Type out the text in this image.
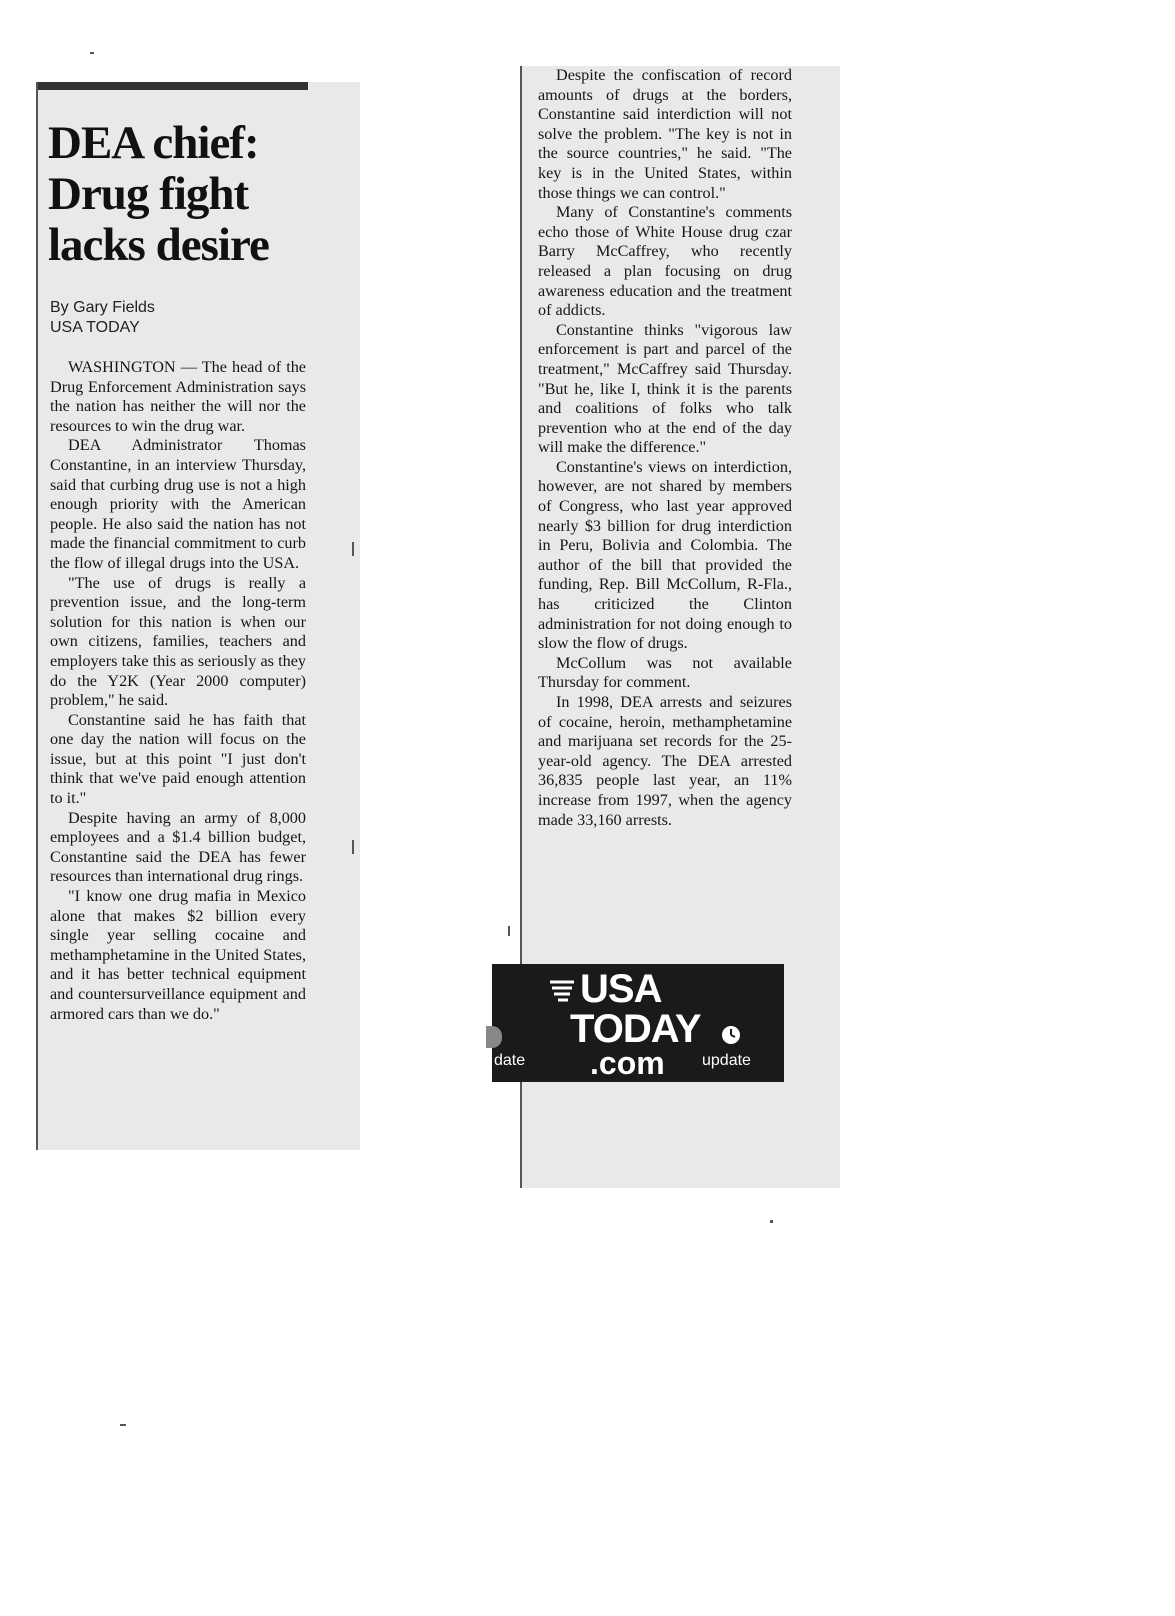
DEA chief:
Drug fight
lacks desire
By Gary Fields
USA TODAY

WASHINGTON — The head of the Drug Enforcement Administration says the nation has neither the will nor the resources to win the drug war.

DEA Administrator Thomas Constantine, in an interview Thursday, said that curbing drug use is not a high enough priority with the American people. He also said the nation has not made the financial commitment to curb the flow of illegal drugs into the USA.

"The use of drugs is really a prevention issue, and the long-term solution for this nation is when our own citizens, families, teachers and employers take this as seriously as they do the Y2K (Year 2000 computer) problem," he said.

Constantine said he has faith that one day the nation will focus on the issue, but at this point "I just don't think that we've paid enough attention to it."

Despite having an army of 8,000 employees and a $1.4 billion budget, Constantine said the DEA has fewer resources than international drug rings.

"I know one drug mafia in Mexico alone that makes $2 billion every single year selling cocaine and methamphetamine in the United States, and it has better technical equipment and countersurveillance equipment and armored cars than we do."

Despite the confiscation of record amounts of drugs at the borders, Constantine said interdiction will not solve the problem. "The key is not in the source countries," he said. "The key is in the United States, within those things we can control."

Many of Constantine's comments echo those of White House drug czar Barry McCaffrey, who recently released a plan focusing on drug awareness education and the treatment of addicts.

Constantine thinks "vigorous law enforcement is part and parcel of the treatment," McCaffrey said Thursday. "But he, like I, think it is the parents and coalitions of folks who talk prevention who at the end of the day will make the difference."

Constantine's views on interdiction, however, are not shared by members of Congress, who last year approved nearly $3 billion for drug interdiction in Peru, Bolivia and Colombia. The author of the bill that provided the funding, Rep. Bill McCollum, R-Fla., has criticized the Clinton administration for not doing enough to slow the flow of drugs.

McCollum was not available Thursday for comment.

In 1998, DEA arrests and seizures of cocaine, heroin, methamphetamine and marijuana set records for the 25-year-old agency. The DEA arrested 36,835 people last year, an 11% increase from 1997, when the agency made 33,160 arrests.

USA
TODAY
.com
date	update
